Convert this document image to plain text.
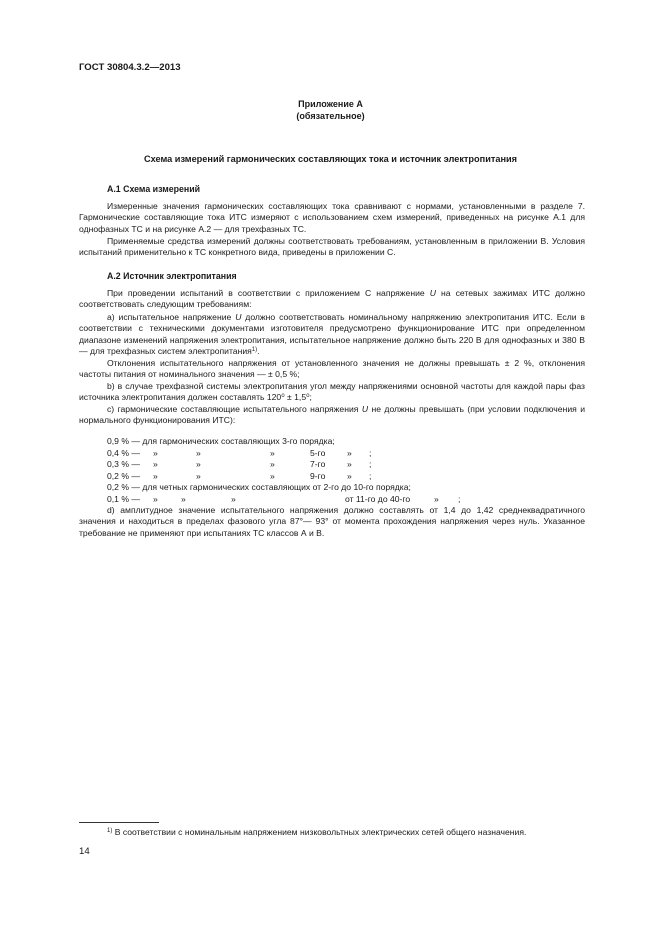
ГОСТ 30804.3.2—2013
Приложение А
(обязательное)
Схема измерений гармонических составляющих тока и источник электропитания
А.1 Схема измерений
Измеренные значения гармонических составляющих тока сравнивают с нормами, установленными в разделе 7. Гармонические составляющие тока ИТС измеряют с использованием схем измерений, приведенных на рисунке А.1 для однофазных ТС и на рисунке А.2 — для трехфазных ТС.
Применяемые средства измерений должны соответствовать требованиям, установленным в приложении В. Условия испытаний применительно к ТС конкретного вида, приведены в приложении С.
А.2 Источник электропитания
При проведении испытаний в соответствии с приложением С напряжение U на сетевых зажимах ИТС должно соответствовать следующим требованиям:
а) испытательное напряжение U должно соответствовать номинальному напряжению электропитания ИТС. Если в соответствии с техническими документами изготовителя предусмотрено функционирование ИТС при определенном диапазоне изменений напряжения электропитания, испытательное напряжение должно быть 220 В для однофазных и 380 В — для трехфазных систем электропитания$^{1)}$.
Отклонения испытательного напряжения от установленного значения не должны превышать ± 2 %, отклонения частоты питания от номинального значения — ± 0,5 %;
b) в случае трехфазной системы электропитания угол между напряжениями основной частоты для каждой пары фаз источника электропитания должен составлять 120⁰ ± 1,5⁰;
с) гармонические составляющие испытательного напряжения U не должны превышать (при условии подключения и нормального функционирования ИТС):
0,9 % — для гармонических составляющих 3-го порядка;
0,4 % — »	»	»	5-го	» ;
0,3 % — »	»	»	7-го	» ;
0,2 % — »	»	»	9-го	» ;
0,2 % — для четных гармонических составляющих от 2-го до 10-го порядка;
0,1 % — »	»	»	от 11-го до 40-го	» ;
d) амплитудное значение испытательного напряжения должно составлять от 1,4 до 1,42 среднеквадратичного значения и находиться в пределах фазового угла 87°— 93° от момента прохождения напряжения через нуль. Указанное требование не применяют при испытаниях ТС классов А и В.
$^{1)}$ В соответствии с номинальным напряжением низковольтных электрических сетей общего назначения.
14
